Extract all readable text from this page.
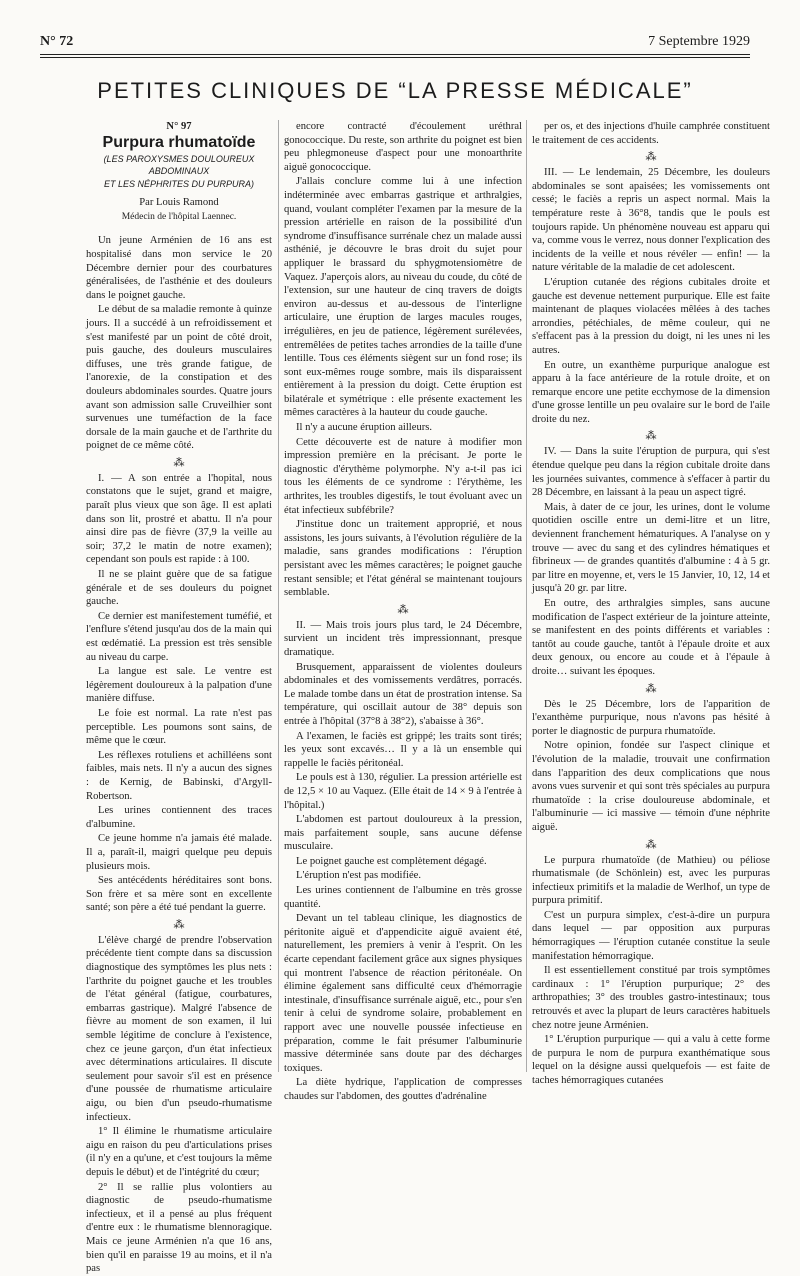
N° 72	7 Septembre 1929
PETITES CLINIQUES DE “LA PRESSE MÉDICALE”

N° 97

Purpura rhumatoïde

(LES PAROXYSMES DOULOUREUX ABDOMINAUX

ET LES NÉPHRITES DU PURPURA)

Par Louis Ramond

Médecin de l'hôpital Laennec.

Un jeune Arménien de 16 ans est hospitalisé dans mon service le 20 Décembre dernier pour des courbatures généralisées, de l'asthénie et des douleurs dans le poignet gauche.

Le début de sa maladie remonte à quinze jours. Il a succédé à un refroidissement et s'est manifesté par un point de côté droit, puis gauche, des douleurs musculaires diffuses, une très grande fatigue, de l'anorexie, de la constipation et des douleurs abdominales sourdes. Quatre jours avant son admission salle Cruveilhier sont survenues une tuméfaction de la face dorsale de la main gauche et de l'arthrite du poignet de ce même côté.

⁂

I. — A son entrée a l'hopital, nous constatons que le sujet, grand et maigre, paraît plus vieux que son âge. Il est aplati dans son lit, prostré et abattu. Il n'a pour ainsi dire pas de fièvre (37,9 la veille au soir; 37,2 le matin de notre examen); cependant son pouls est rapide : à 100.

Il ne se plaint guère que de sa fatigue générale et de ses douleurs du poignet gauche.

Ce dernier est manifestement tuméfié, et l'enflure s'étend jusqu'au dos de la main qui est œdématié. La pression est très sensible au niveau du carpe.

La langue est sale. Le ventre est légèrement douloureux à la palpation d'une manière diffuse.

Le foie est normal. La rate n'est pas perceptible. Les poumons sont sains, de même que le cœur.

Les réflexes rotuliens et achilléens sont faibles, mais nets. Il n'y a aucun des signes : de Kernig, de Babinski, d'Argyll-Robertson.

Les urines contiennent des traces d'albumine.

Ce jeune homme n'a jamais été malade. Il a, paraît-il, maigri quelque peu depuis plusieurs mois.

Ses antécédents héréditaires sont bons. Son frère et sa mère sont en excellente santé; son père a été tué pendant la guerre.

⁂

L'élève chargé de prendre l'observation précédente tient compte dans sa discussion diagnostique des symptômes les plus nets : l'arthrite du poignet gauche et les troubles de l'état général (fatigue, courbatures, embarras gastrique). Malgré l'absence de fièvre au moment de son examen, il lui semble légitime de conclure à l'existence, chez ce jeune garçon, d'un état infectieux avec déterminations articulaires. Il discute seulement pour savoir s'il est en présence d'une poussée de rhumatisme articulaire aigu, ou bien d'un pseudo-rhumatisme infectieux.

1° Il élimine le rhumatisme articulaire aigu en raison du peu d'articulations prises (il n'y en a qu'une, et c'est toujours la même depuis le début) et de l'intégrité du cœur;

2° Il se rallie plus volontiers au diagnostic de pseudo-rhumatisme infectieux, et il a pensé au plus fréquent d'entre eux : le rhumatisme blennoragique. Mais ce jeune Arménien n'a que 16 ans, bien qu'il en paraisse 19 au moins, et il n'a pas

encore contracté d'écoulement uréthral gonococcique. Du reste, son arthrite du poignet est bien peu phlegmoneuse d'aspect pour une monoarthrite aiguë gonococcique.

J'allais conclure comme lui à une infection indéterminée avec embarras gastrique et arthralgies, quand, voulant compléter l'examen par la mesure de la pression artérielle en raison de la possibilité d'un syndrome d'insuffisance surrénale chez un malade aussi asthénié, je découvre le bras droit du sujet pour appliquer le brassard du sphygmotensiomètre de Vaquez. J'aperçois alors, au niveau du coude, du côté de l'extension, sur une hauteur de cinq travers de doigts environ au-dessus et au-dessous de l'interligne articulaire, une éruption de larges macules rouges, irrégulières, en jeu de patience, légèrement surélevées, entremêlées de petites taches arrondies de la taille d'une lentille. Tous ces éléments siègent sur un fond rose; ils sont eux-mêmes rouge sombre, mais ils disparaissent entièrement à la pression du doigt. Cette éruption est bilatérale et symétrique : elle présente exactement les mêmes caractères à la hauteur du coude gauche.

Il n'y a aucune éruption ailleurs.

Cette découverte est de nature à modifier mon impression première en la précisant. Je porte le diagnostic d'érythème polymorphe. N'y a-t-il pas ici tous les éléments de ce syndrome : l'érythème, les arthrites, les troubles digestifs, le tout évoluant avec un état infectieux subfébrile?

J'institue donc un traitement approprié, et nous assistons, les jours suivants, à l'évolution régulière de la maladie, sans grandes modifications : l'éruption persistant avec les mêmes caractères; le poignet gauche restant sensible; et l'état général se maintenant toujours semblable.

⁂

II. — Mais trois jours plus tard, le 24 Décembre, survient un incident très impressionnant, presque dramatique.

Brusquement, apparaissent de violentes douleurs abdominales et des vomissements verdâtres, porracés. Le malade tombe dans un état de prostration intense. Sa température, qui oscillait autour de 38° depuis son entrée à l'hôpital (37°8 à 38°2), s'abaisse à 36°.

A l'examen, le faciès est grippé; les traits sont tirés; les yeux sont excavés… Il y a là un ensemble qui rappelle le faciès péritonéal.

Le pouls est à 130, régulier. La pression artérielle est de 12,5 × 10 au Vaquez. (Elle était de 14 × 9 à l'entrée à l'hôpital.)

L'abdomen est partout douloureux à la pression, mais parfaitement souple, sans aucune défense musculaire.

Le poignet gauche est complètement dégagé.

L'éruption n'est pas modifiée.

Les urines contiennent de l'albumine en très grosse quantité.

Devant un tel tableau clinique, les diagnostics de péritonite aiguë et d'appendicite aiguë avaient été, naturellement, les premiers à venir à l'esprit. On les écarte cependant facilement grâce aux signes physiques qui montrent l'absence de réaction péritonéale. On élimine également sans difficulté ceux d'hémorragie intestinale, d'insuffisance surrénale aiguë, etc., pour s'en tenir à celui de syndrome solaire, probablement en rapport avec une nouvelle poussée infectieuse en préparation, comme le fait présumer l'albuminurie massive déterminée sans doute par des décharges toxiques.

La diète hydrique, l'application de compresses chaudes sur l'abdomen, des gouttes d'adrénaline

per os, et des injections d'huile camphrée constituent le traitement de ces accidents.

⁂

III. — Le lendemain, 25 Décembre, les douleurs abdominales se sont apaisées; les vomissements ont cessé; le faciès a repris un aspect normal. Mais la température reste à 36°8, tandis que le pouls est toujours rapide. Un phénomène nouveau est apparu qui va, comme vous le verrez, nous donner l'explication des incidents de la veille et nous révéler — enfin! — la nature véritable de la maladie de cet adolescent.

L'éruption cutanée des régions cubitales droite et gauche est devenue nettement purpurique. Elle est faite maintenant de plaques violacées mêlées à des taches arrondies, pétéchiales, de même couleur, qui ne s'effacent pas à la pression du doigt, ni les unes ni les autres.

En outre, un exanthème purpurique analogue est apparu à la face antérieure de la rotule droite, et on remarque encore une petite ecchymose de la dimension d'une grosse lentille un peu ovalaire sur le bord de l'aile droite du nez.

⁂

IV. — Dans la suite l'éruption de purpura, qui s'est étendue quelque peu dans la région cubitale droite dans les journées suivantes, commence à s'effacer à partir du 28 Décembre, en laissant à la peau un aspect tigré.

Mais, à dater de ce jour, les urines, dont le volume quotidien oscille entre un demi-litre et un litre, deviennent franchement hématuriques. A l'analyse on y trouve — avec du sang et des cylindres hématiques et fibrineux — de grandes quantités d'albumine : 4 à 5 gr. par litre en moyenne, et, vers le 15 Janvier, 10, 12, 14 et jusqu'à 20 gr. par litre.

En outre, des arthralgies simples, sans aucune modification de l'aspect extérieur de la jointure atteinte, se manifestent en des points différents et variables : tantôt au coude gauche, tantôt à l'épaule droite et aux deux genoux, ou encore au coude et à l'épaule à droite… suivant les époques.

⁂

Dès le 25 Décembre, lors de l'apparition de l'exanthème purpurique, nous n'avons pas hésité à porter le diagnostic de purpura rhumatoïde.

Notre opinion, fondée sur l'aspect clinique et l'évolution de la maladie, trouvait une confirmation dans l'apparition des deux complications que nous avons vues survenir et qui sont très spéciales au purpura rhumatoïde : la crise douloureuse abdominale, et l'albuminurie — ici massive — témoin d'une néphrite aiguë.

⁂

Le purpura rhumatoïde (de Mathieu) ou péliose rhumatismale (de Schönlein) est, avec les purpuras infectieux primitifs et la maladie de Werlhof, un type de purpura primitif.

C'est un purpura simplex, c'est-à-dire un purpura dans lequel — par opposition aux purpuras hémorragiques — l'éruption cutanée constitue la seule manifestation hémorragique.

Il est essentiellement constitué par trois symptômes cardinaux : 1° l'éruption purpurique; 2° des arthropathies; 3° des troubles gastro-intestinaux; tous retrouvés et avec la plupart de leurs caractères habituels chez notre jeune Arménien.

1° L'éruption purpurique — qui a valu à cette forme de purpura le nom de purpura exanthématique sous lequel on la désigne aussi quelquefois — est faite de taches hémorragiques cutanées
